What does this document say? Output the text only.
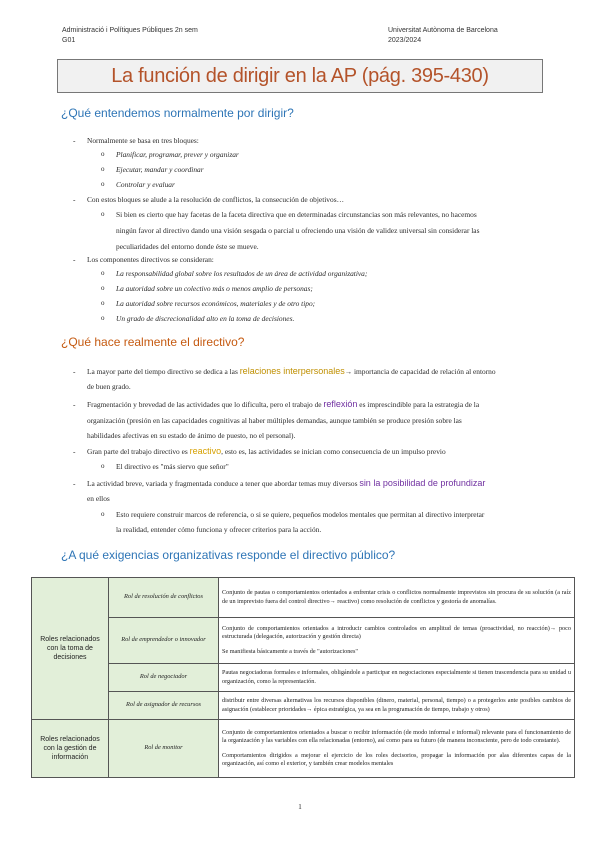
Administració i Polítiques Públiques 2n sem
G01
Universitat Autònoma de Barcelona
2023/2024
La función de dirigir en la AP (pág. 395-430)
¿Qué entendemos normalmente por dirigir?
- Normalmente se basa en tres bloques:
o Planificar, programar, prever y organizar
o Ejecutar, mandar y coordinar
o Controlar y evaluar
- Con estos bloques se alude a la resolución de conflictos, la consecución de objetivos…
o Si bien es cierto que hay facetas de la faceta directiva que en determinadas circunstancias son más relevantes, no hacemos
ningún favor al directivo dando una visión sesgada o parcial u ofreciendo una visión de validez universal sin considerar las
peculiaridades del entorno donde éste se mueve.
- Los componentes directivos se consideran:
o La responsabilidad global sobre los resultados de un área de actividad organizativa;
o La autoridad sobre un colectivo más o menos amplio de personas;
o La autoridad sobre recursos económicos, materiales y de otro tipo;
o Un grado de discrecionalidad alto en la toma de decisiones.
¿Qué hace realmente el directivo?
- La mayor parte del tiempo directivo se dedica a las relaciones interpersonales→ importancia de capacidad de relación al entorno
de buen grado.
- Fragmentación y brevedad de las actividades que lo dificulta, pero el trabajo de reflexión es imprescindible para la estrategia de la
organización (presión en las capacidades cognitivas al haber múltiples demandas, aunque también se produce presión sobre las
habilidades afectivas en su estado de ánimo de puesto, no el personal).
- Gran parte del trabajo directivo es reactivo, esto es, las actividades se inician como consecuencia de un impulso previo
o El directivo es "más siervo que señor"
- La actividad breve, variada y fragmentada conduce a tener que abordar temas muy diversos sin la posibilidad de profundizar
en ellos
o Esto requiere construir marcos de referencia, o si se quiere, pequeños modelos mentales que permitan al directivo interpretar
la realidad, entender cómo funciona y ofrecer criterios para la acción.
¿A qué exigencias organizativas responde el directivo público?
Roles relacionados con la toma de decisiones	Rol de resolución de conflictos	Conjunto de pautas o comportamientos orientados a enfrentar crisis o conflictos normalmente imprevistos sin procura de su solución (a raíz de un imprevisto fuera del control directivo→ reactivo) como resolución de conflictos y gestoría de anomalías.
	Rol de emprendedor o innovador	Conjunto de comportamientos orientados a introducir cambios controlados en amplitud de temas (proactividad, no reacción)→ poco estructurada (delegación, autorización y gestión directa)
Se manifiesta básicamente a través de "autorizaciones"

	Rol de negociador	Pautas negociadoras formales e informales, obligándole a participar en negociaciones especialmente si tienen trascendencia para su unidad u organización, como la representación.
	Rol de asignador de recursos	distribuir entre diversas alternativas los recursos disponibles (dinero, material, personal, tiempo) o a protegerlos ante posibles cambios de asignación (establecer prioridades→ épica estratégica, ya sea en la programación de tiempo, trabajo y otros)
Roles relacionados con la gestión de información	Rol de monitor	Conjunto de comportamientos orientados a buscar o recibir información (de modo informal e informal) relevante para el funcionamiento de la organización y las variables con ella relacionadas (entorno), así como para su futuro (de manera inconsciente, pero de todo constante).
Comportamientos dirigidos a mejorar el ejercicio de los roles decisorios, propagar la información por alas diferentes capas de la organización, así como el exterior, y también crear modelos mentales
1
